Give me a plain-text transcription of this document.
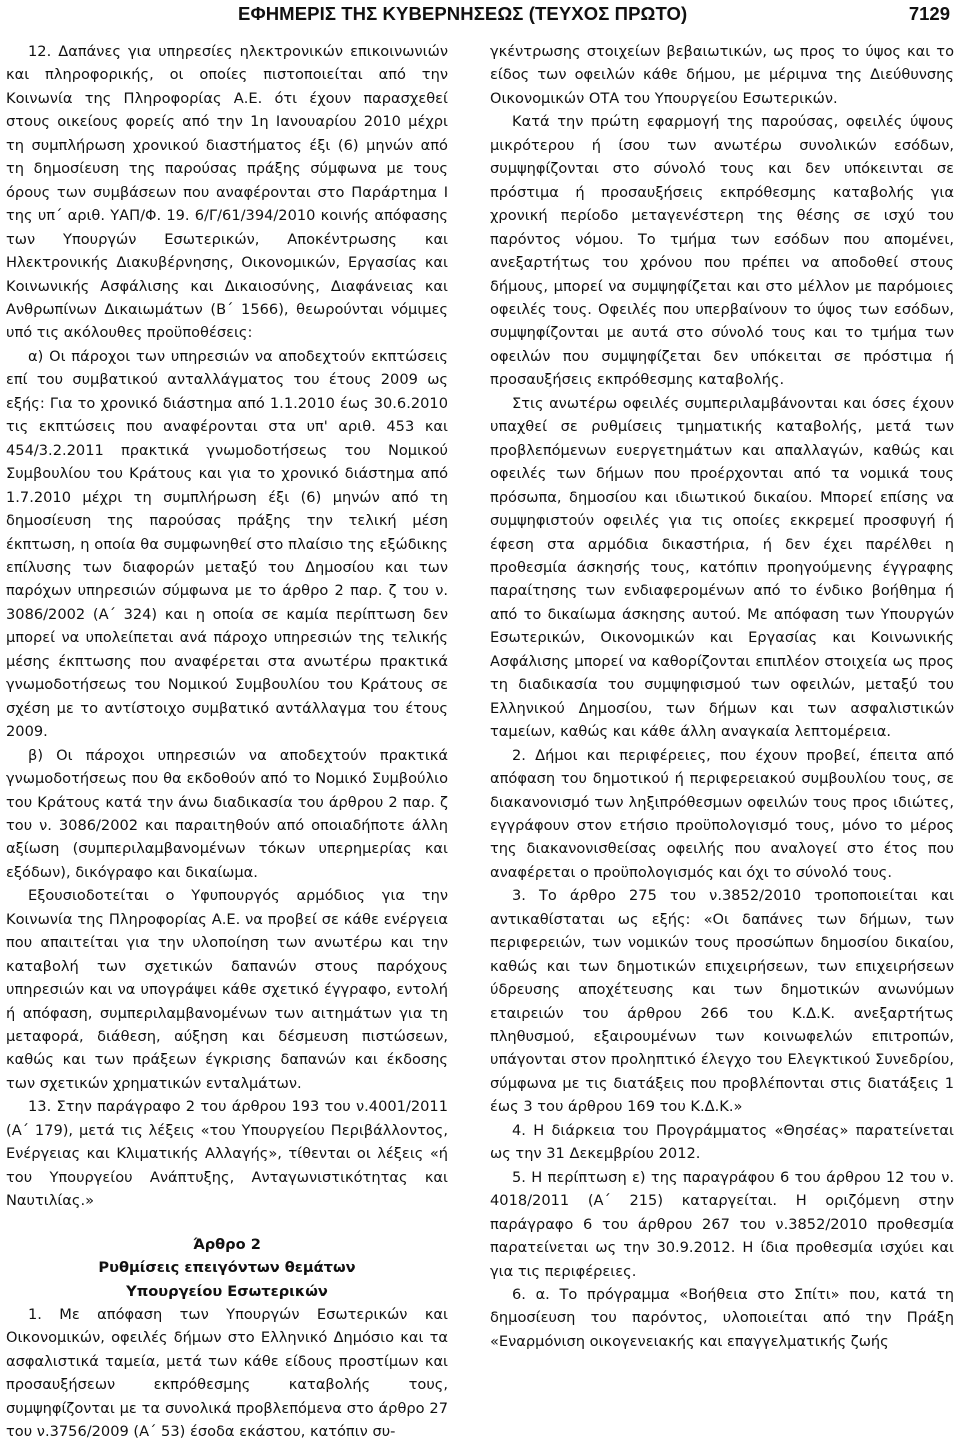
ΕΦΗΜΕΡΙΣ ΤΗΣ ΚΥΒΕΡΝΗΣΕΩΣ (ΤΕΥΧΟΣ ΠΡΩΤΟ)	7129

12. Δαπάνες για υπηρεσίες ηλεκτρονικών επικοινωνιών και πληροφορικής, οι οποίες πιστοποιείται από την Κοινωνία της Πληροφορίας Α.Ε. ότι έχουν παρασχεθεί στους οικείους φορείς από την 1η Ιανουαρίου 2010 μέχρι τη συμπλήρωση χρονικού διαστήματος έξι (6) μηνών από τη δημοσίευση της παρούσας πράξης σύμφωνα με τους όρους των συμβάσεων που αναφέρονται στο Παράρτημα Ι της υπ΄ αριθ. ΥΑΠ/Φ. 19. 6/Γ/61/394/2010 κοινής απόφασης των Υπουργών Εσωτερικών, Αποκέντρωσης και Ηλεκτρονικής Διακυβέρνησης, Οικονομικών, Εργασίας και Κοινωνικής Ασφάλισης και Δικαιοσύνης, Διαφάνειας και Ανθρωπίνων Δικαιωμάτων (Β΄ 1566), θεωρούνται νόμιμες υπό τις ακόλουθες προϋποθέσεις:

α) Οι πάροχοι των υπηρεσιών να αποδεχτούν εκπτώσεις επί του συμβατικού ανταλλάγματος του έτους 2009 ως εξής: Για το χρονικό διάστημα από 1.1.2010 έως 30.6.2010 τις εκπτώσεις που αναφέρονται στα υπ' αριθ. 453 και 454/3.2.2011 πρακτικά γνωμοδοτήσεως του Νομικού Συμβουλίου του Κράτους και για το χρονικό διάστημα από 1.7.2010 μέχρι τη συμπλήρωση έξι (6) μηνών από τη δημοσίευση της παρούσας πράξης την τελική μέση έκπτωση, η οποία θα συμφωνηθεί στο πλαίσιο της εξώδικης επίλυσης των διαφορών μεταξύ του Δημοσίου και των παρόχων υπηρεσιών σύμφωνα με το άρθρο 2 παρ. ζ του ν. 3086/2002 (Α΄ 324) και η οποία σε καμία περίπτωση δεν μπορεί να υπολείπεται ανά πάροχο υπηρεσιών της τελικής μέσης έκπτωσης που αναφέρεται στα ανωτέρω πρακτικά γνωμοδοτήσεως του Νομικού Συμβουλίου του Κράτους σε σχέση με το αντίστοιχο συμβατικό αντάλλαγμα του έτους 2009.

β) Οι πάροχοι υπηρεσιών να αποδεχτούν πρακτικά γνωμοδοτήσεως που θα εκδοθούν από το Νομικό Συμβούλιο του Κράτους κατά την άνω διαδικασία του άρθρου 2 παρ. ζ του ν. 3086/2002 και παραιτηθούν από οποιαδήποτε άλλη αξίωση (συμπεριλαμβανομένων τόκων υπερημερίας και εξόδων), δικόγραφο και δικαίωμα.

Εξουσιοδοτείται ο Υφυπουργός αρμόδιος για την Κοινωνία της Πληροφορίας Α.Ε. να προβεί σε κάθε ενέργεια που απαιτείται για την υλοποίηση των ανωτέρω και την καταβολή των σχετικών δαπανών στους παρόχους υπηρεσιών και να υπογράψει κάθε σχετικό έγγραφο, εντολή ή απόφαση, συμπεριλαμβανομένων των αιτημάτων για τη μεταφορά, διάθεση, αύξηση και δέσμευση πιστώσεων, καθώς και των πράξεων έγκρισης δαπανών και έκδοσης των σχετικών χρηματικών ενταλμάτων.

13. Στην παράγραφο 2 του άρθρου 193 του ν.4001/2011 (Α΄ 179), μετά τις λέξεις «του Υπουργείου Περιβάλλοντος, Ενέργειας και Κλιματικής Αλλαγής», τίθενται οι λέξεις «ή του Υπουργείου Ανάπτυξης, Ανταγωνιστικότητας και Ναυτιλίας.»

Άρθρο 2

Ρυθμίσεις επειγόντων θεμάτων

Υπουργείου Εσωτερικών

1. Με απόφαση των Υπουργών Εσωτερικών και Οικονομικών, οφειλές δήμων στο Ελληνικό Δημόσιο και τα ασφαλιστικά ταμεία, μετά των κάθε είδους προστίμων και προσαυξήσεων εκπρόθεσμης καταβολής τους, συμψηφίζονται με τα συνολικά προβλεπόμενα στο άρθρο 27 του ν.3756/2009 (Α΄ 53) έσοδα εκάστου, κατόπιν συ-

γκέντρωσης στοιχείων βεβαιωτικών, ως προς το ύψος και το είδος των οφειλών κάθε δήμου, με μέριμνα της Διεύθυνσης Οικονομικών ΟΤΑ του Υπουργείου Εσωτερικών.

Κατά την πρώτη εφαρμογή της παρούσας, οφειλές ύψους μικρότερου ή ίσου των ανωτέρω συνολικών εσόδων, συμψηφίζονται στο σύνολό τους και δεν υπόκεινται σε πρόστιμα ή προσαυξήσεις εκπρόθεσμης καταβολής για χρονική περίοδο μεταγενέστερη της θέσης σε ισχύ του παρόντος νόμου. Το τμήμα των εσόδων που απομένει, ανεξαρτήτως του χρόνου που πρέπει να αποδοθεί στους δήμους, μπορεί να συμψηφίζεται και στο μέλλον με παρόμοιες οφειλές τους. Οφειλές που υπερβαίνουν το ύψος των εσόδων, συμψηφίζονται με αυτά στο σύνολό τους και το τμήμα των οφειλών που συμψηφίζεται δεν υπόκειται σε πρόστιμα ή προσαυξήσεις εκπρόθεσμης καταβολής.

Στις ανωτέρω οφειλές συμπεριλαμβάνονται και όσες έχουν υπαχθεί σε ρυθμίσεις τμηματικής καταβολής, μετά των προβλεπόμενων ευεργετημάτων και απαλλαγών, καθώς και οφειλές των δήμων που προέρχονται από τα νομικά τους πρόσωπα, δημοσίου και ιδιωτικού δικαίου. Μπορεί επίσης να συμψηφιστούν οφειλές για τις οποίες εκκρεμεί προσφυγή ή έφεση στα αρμόδια δικαστήρια, ή δεν έχει παρέλθει η προθεσμία άσκησής τους, κατόπιν προηγούμενης έγγραφης παραίτησης των ενδιαφερομένων από το ένδικο βοήθημα ή από το δικαίωμα άσκησης αυτού. Με απόφαση των Υπουργών Εσωτερικών, Οικονομικών και Εργασίας και Κοινωνικής Ασφάλισης μπορεί να καθορίζονται επιπλέον στοιχεία ως προς τη διαδικασία του συμψηφισμού των οφειλών, μεταξύ του Ελληνικού Δημοσίου, των δήμων και των ασφαλιστικών ταμείων, καθώς και κάθε άλλη αναγκαία λεπτομέρεια.

2. Δήμοι και περιφέρειες, που έχουν προβεί, έπειτα από απόφαση του δημοτικού ή περιφερειακού συμβουλίου τους, σε διακανονισμό των ληξιπρόθεσμων οφειλών τους προς ιδιώτες, εγγράφουν στον ετήσιο προϋπολογισμό τους, μόνο το μέρος της διακανονισθείσας οφειλής που αναλογεί στο έτος που αναφέρεται ο προϋπολογισμός και όχι το σύνολό τους.

3. Το άρθρο 275 του ν.3852/2010 τροποποιείται και αντικαθίσταται ως εξής: «Οι δαπάνες των δήμων, των περιφερειών, των νομικών τους προσώπων δημοσίου δικαίου, καθώς και των δημοτικών επιχειρήσεων, των επιχειρήσεων ύδρευσης αποχέτευσης και των δημοτικών ανωνύμων εταιρειών του άρθρου 266 του Κ.Δ.Κ. ανεξαρτήτως πληθυσμού, εξαιρουμένων των κοινωφελών επιτροπών, υπάγονται στον προληπτικό έλεγχο του Ελεγκτικού Συνεδρίου, σύμφωνα με τις διατάξεις που προβλέπονται στις διατάξεις 1 έως 3 του άρθρου 169 του Κ.Δ.Κ.»

4. Η διάρκεια του Προγράμματος «Θησέας» παρατείνεται ως την 31 Δεκεμβρίου 2012.

5. Η περίπτωση ε) της παραγράφου 6 του άρθρου 12 του ν. 4018/2011 (Α΄ 215) καταργείται. Η οριζόμενη στην παράγραφο 6 του άρθρου 267 του ν.3852/2010 προθεσμία παρατείνεται ως την 30.9.2012. Η ίδια προθεσμία ισχύει και για τις περιφέρειες.

6. α. Το πρόγραμμα «Βοήθεια στο Σπίτι» που, κατά τη δημοσίευση του παρόντος, υλοποιείται από την Πράξη «Εναρμόνιση οικογενειακής και επαγγελματικής ζωής
